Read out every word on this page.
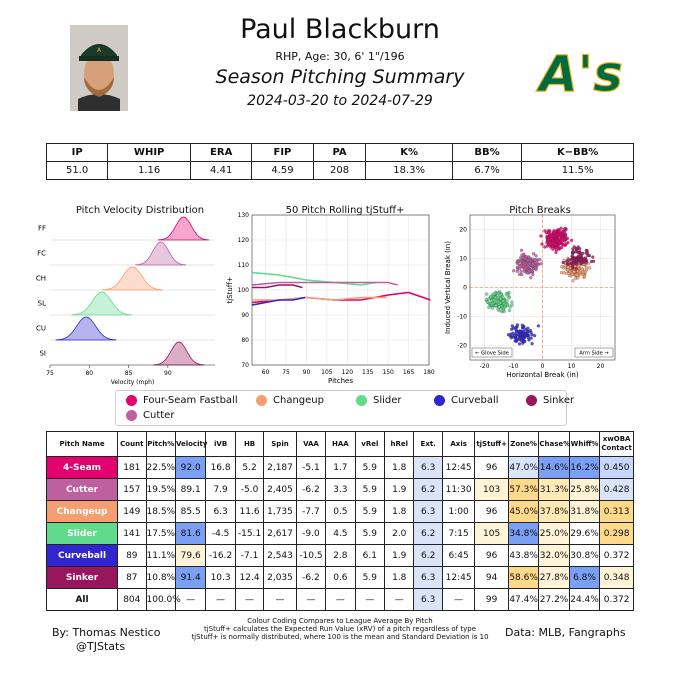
A
Paul Blackburn
RHP, Age: 30, 6' 1"/196
Season Pitching Summary
2024-03-20 to 2024-07-29	A's
IP	WHIP	ERA	FIP	PA	K%	BB%	K−BB%
51.0	1.16	4.41	4.59	208	18.3%	6.7%	11.5%
Pitch Velocity Distribution
FF
FC
CH
SL
CU
SI
75	80	85	90
Velocity (mph)
50 Pitch Rolling tjStuff+
70
80
90
100
110
120
130
60 75 90 105 120 135 150 165 180
Pitches
tjStuff+
Pitch Breaks
-20
-10
0
10
20
-20	-10	0	10	20
← Glove Side	Arm Side →
Horizontal Break (in)
Induced Vertical Break (in)
Four-Seam Fastball	Changeup	Slider	Curveball	Sinker
Cutter
Pitch Name	Count	Pitch%	Velocity	iVB	HB	Spin	VAA	HAA	vRel	hRel	Ext.	Axis	tjStuff+	Zone%	Chase%	Whiff%	xwOBA Contact
4-Seam	181	22.5%	92.0	16.8	5.2	2,187	-5.1	1.7	5.9	1.8	6.3	12:45	96	47.0%	14.6%	16.2%	0.450
Cutter	157	19.5%	89.1	7.9	-5.0	2,405	-6.2	3.3	5.9	1.9	6.2	11:30	103	57.3%	31.3%	25.8%	0.428
Changeup	149	18.5%	85.5	6.3	11.6	1,735	-7.7	0.5	5.9	1.8	6.3	1:00	96	45.0%	37.8%	31.8%	0.313
Slider	141	17.5%	81.6	-4.5	-15.1	2,617	-9.0	4.5	5.9	2.0	6.2	7:15	105	34.8%	25.0%	29.6%	0.298
Curveball	89	11.1%	79.6	-16.2	-7.1	2,543	-10.5	2.8	6.1	1.9	6.2	6:45	96	43.8%	32.0%	30.8%	0.372
Sinker	87	10.8%	91.4	10.3	12.4	2,035	-6.2	0.6	5.9	1.8	6.3	12:45	94	58.6%	27.8%	6.8%	0.348
All	804	100.0%	—	—	—	—	—	—	—	—	6.3	—	99	47.4%	27.2%	24.4%	0.372
By: Thomas Nestico
@TJStats
Colour Coding Compares to League Average By Pitch
tjStuff+ calculates the Expected Run Value (xRV) of a pitch regardless of type
tjStuff+ is normally distributed, where 100 is the mean and Standard Deviation is 10	Data: MLB, Fangraphs
